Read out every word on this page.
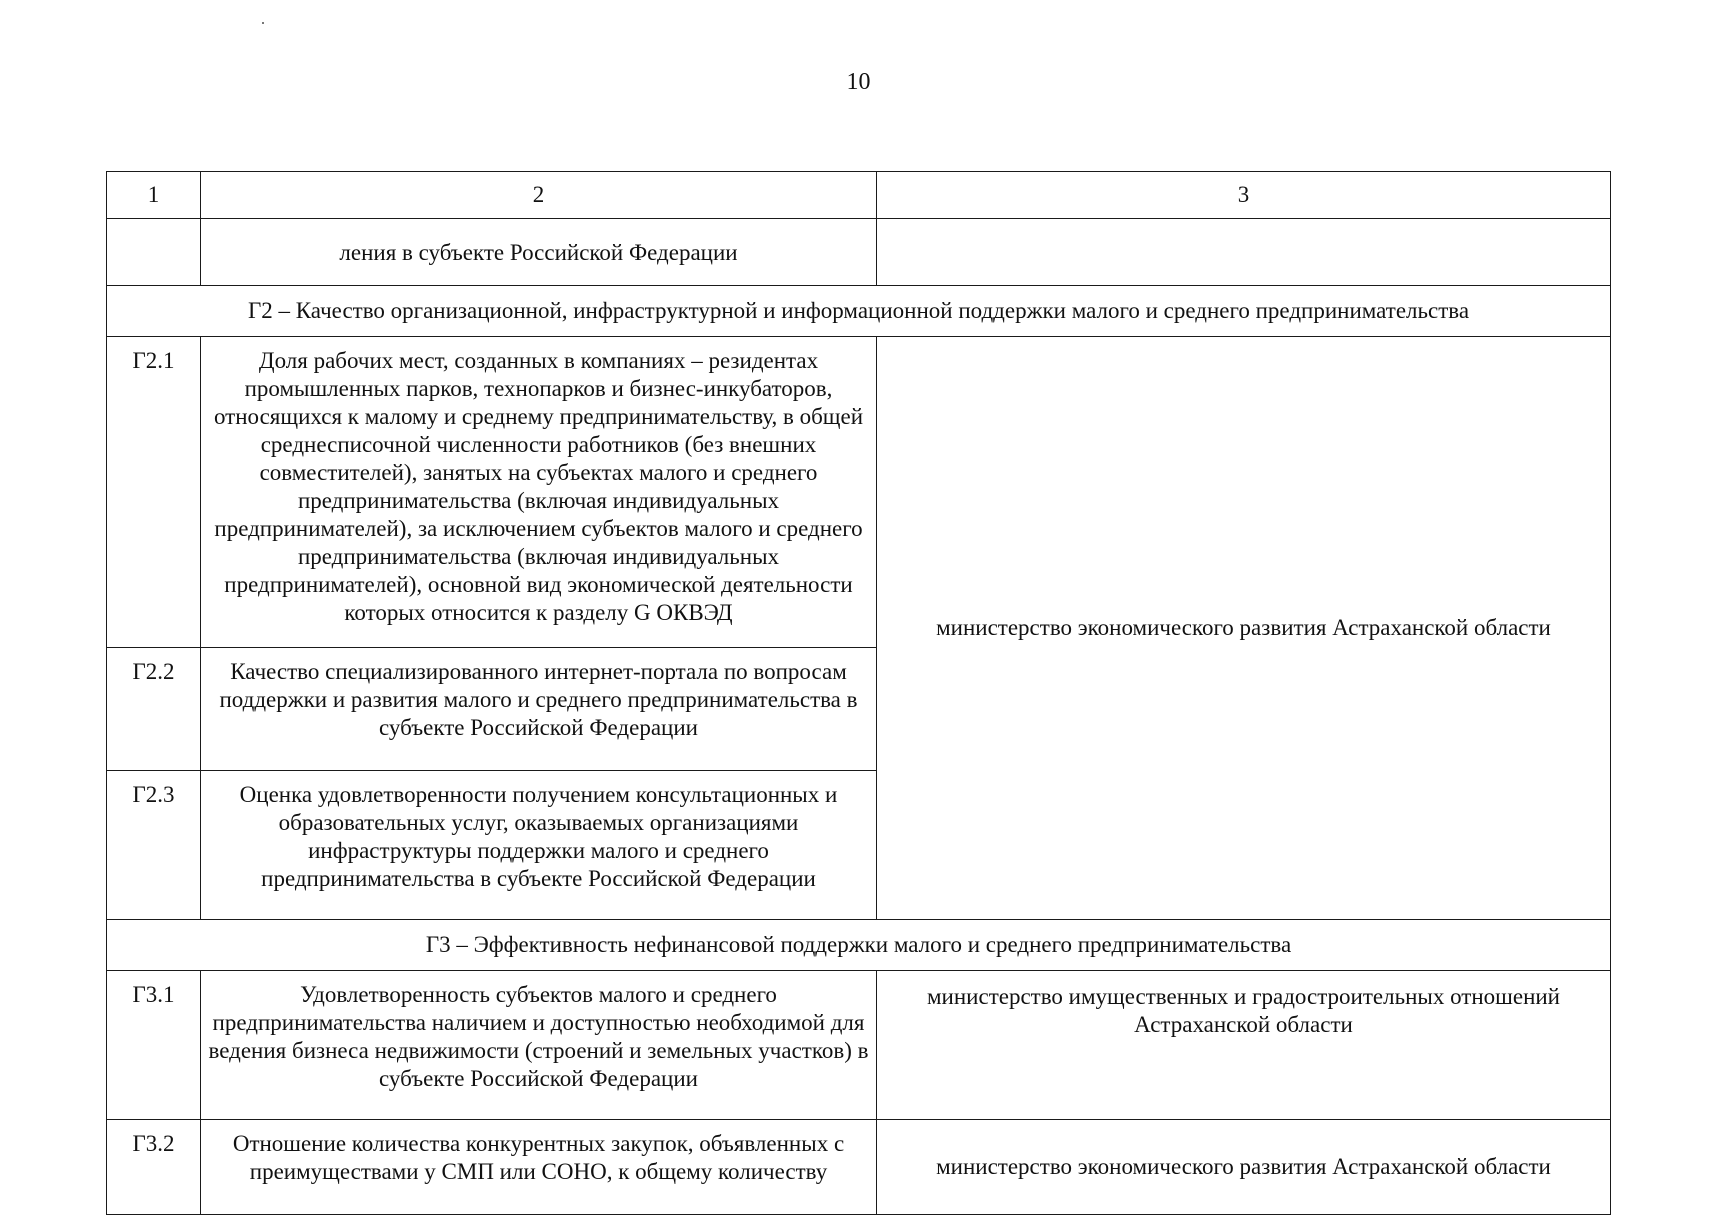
10
1	2	3
	ления в субъекте Российской Федерации	
Г2 – Качество организационной, инфраструктурной и информационной поддержки малого и среднего предпринимательства		
Г2.1	Доля рабочих мест, созданных в компаниях – резидентах промышленных парков, технопарков и бизнес-инкубаторов, относящихся к малому и среднему предпринимательству, в общей среднесписочной численности работников (без внешних совместителей), занятых на субъектах малого и среднего предпринимательства (включая индивидуальных предпринимателей), за исключением субъектов малого и среднего предпринимательства (включая индивидуальных предпринимателей), основной вид экономической деятельности которых относится к разделу G ОКВЭД	министерство экономического развития Астраханской области
Г2.2	Качество специализированного интернет-портала по вопросам поддержки и развития малого и среднего предпринимательства в субъекте Российской Федерации	
Г2.3	Оценка удовлетворенности получением консультационных и образовательных услуг, оказываемых организациями инфраструктуры поддержки малого и среднего предпринимательства в субъекте Российской Федерации	
Г3 – Эффективность нефинансовой поддержки малого и среднего предпринимательства		
Г3.1	Удовлетворенность субъектов малого и среднего предпринимательства наличием и доступностью необходимой для ведения бизнеса недвижимости (строений и земельных участков) в субъекте Российской Федерации	министерство имущественных и градостроительных отношений Астраханской области
Г3.2	Отношение количества конкурентных закупок, объявленных с преимуществами у СМП или СОНО, к общему количеству	министерство экономического развития Астраханской области
